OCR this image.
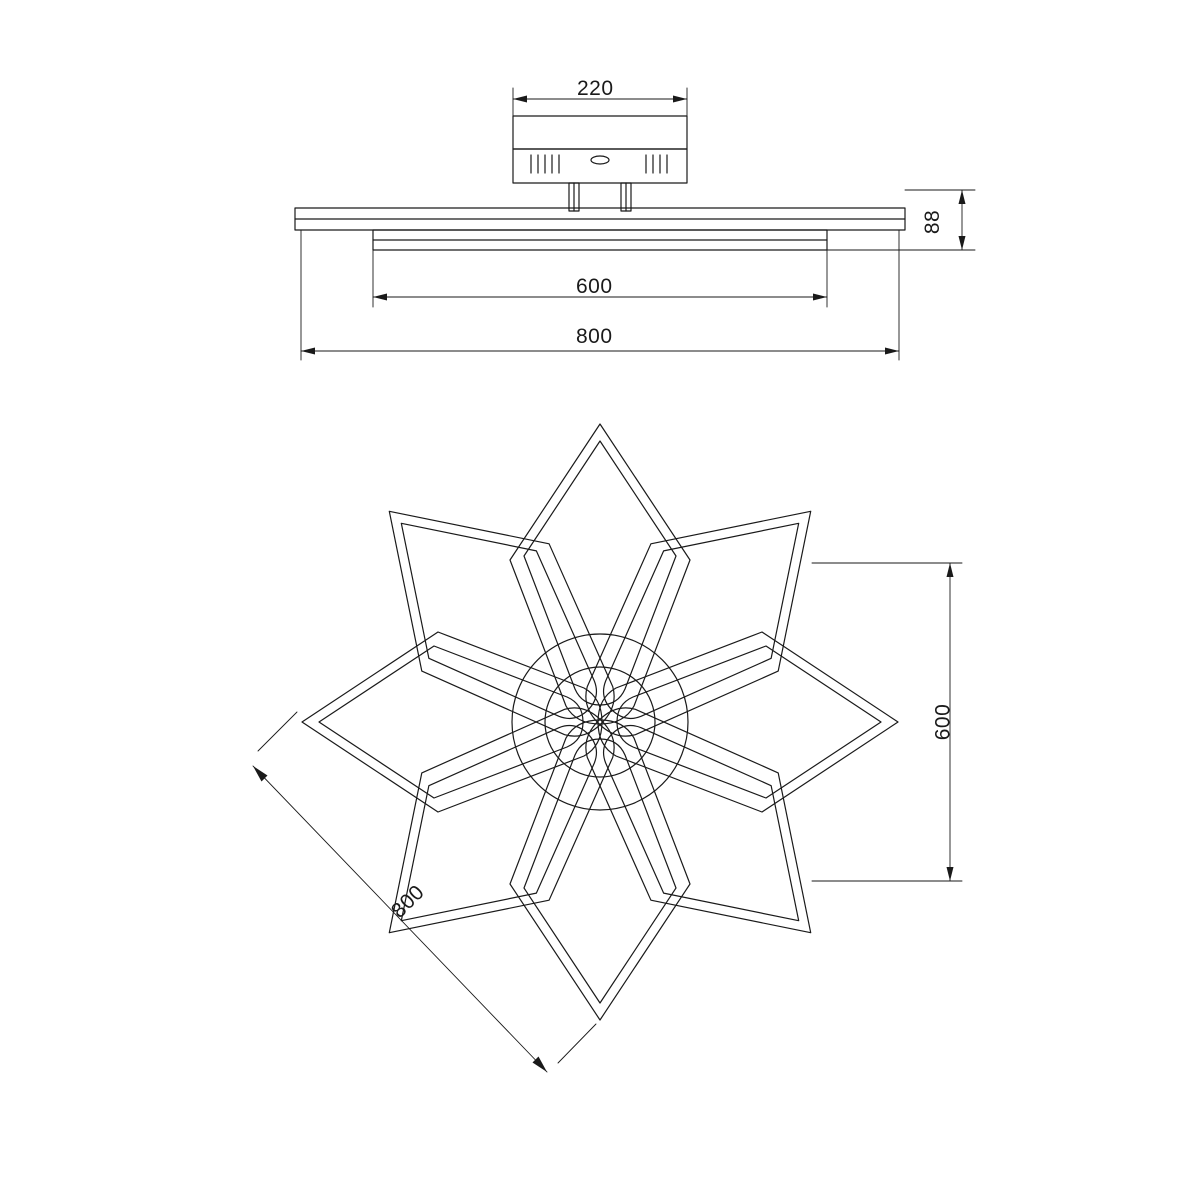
220
88
600
800
600
800
